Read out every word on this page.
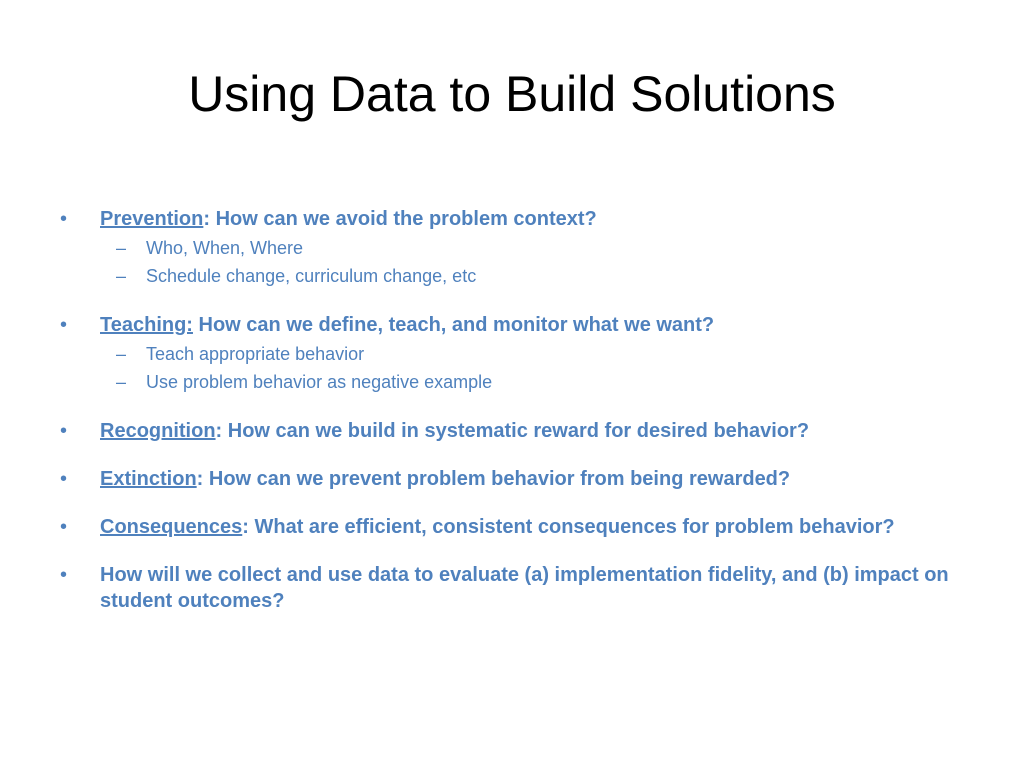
Using Data to Build Solutions
• Prevention: How can we avoid the problem context?

– Who, When, Where
– Schedule change, curriculum change, etc
• Teaching: How can we define, teach, and monitor what we want?

– Teach appropriate behavior
– Use problem behavior as negative example
• Recognition: How can we build in systematic reward for desired behavior?

• Extinction: How can we prevent problem behavior from being rewarded?

• Consequences: What are efficient, consistent consequences for problem behavior?

• How will we collect and use data to evaluate (a) implementation fidelity, and (b) impact on student outcomes?
